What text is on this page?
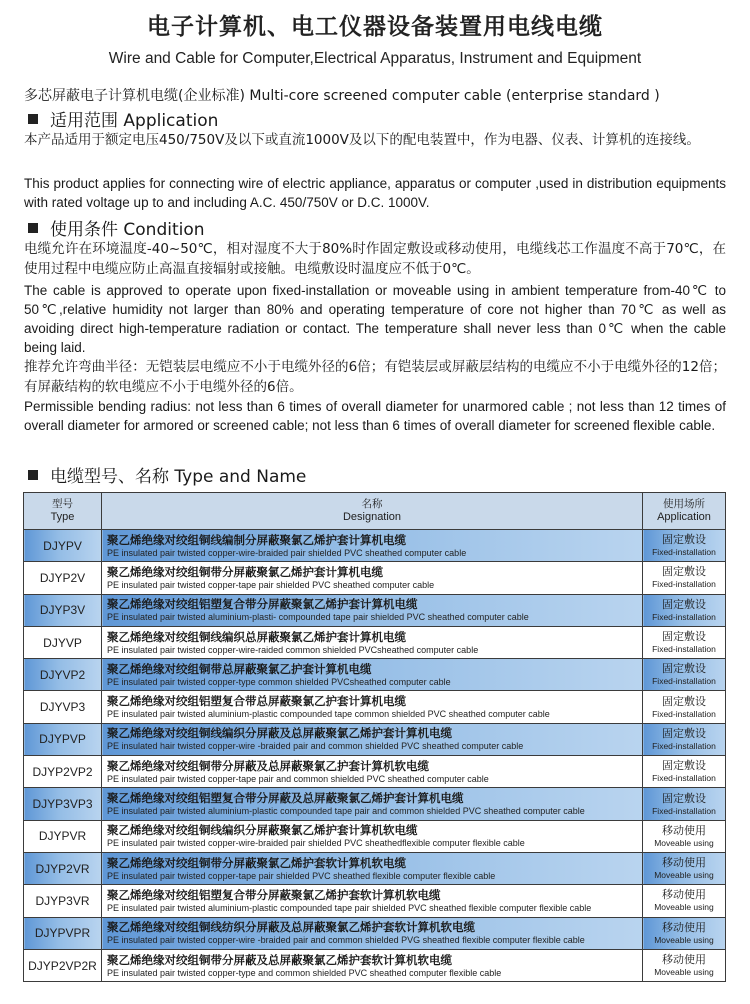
电子计算机、电工仪器设备装置用电线电缆
Wire and Cable for Computer,Electrical Apparatus, Instrument and Equipment
多芯屏蔽电子计算机电缆(企业标准) Multi-core screened computer cable (enterprise standard )
适用范围 Application
本产品适用于额定电压450/750V及以下或直流1000V及以下的配电装置中，作为电器、仪表、计算机的连接线。
This product applies for connecting wire of electric appliance, apparatus or computer ,used in distribution equipments with rated voltage up to and including A.C. 450/750V or D.C. 1000V.
使用条件 Condition
电缆允许在环境温度-40~50℃，相对湿度不大于80%时作固定敷设或移动使用，电缆线芯工作温度不高于70℃，在使用过程中电缆应防止高温直接辐射或接触。电缆敷设时温度应不低于0℃。
The cable is approved to operate upon fixed-installation or moveable using in ambient temperature from-40℃ to 50℃,relative humidity not larger than 80% and operating temperature of core not higher than 70℃ as well as avoiding direct high-temperature radiation or contact. The temperature shall never less than 0℃ when the cable being laid.
推荐允许弯曲半径：无铠装层电缆应不小于电缆外径的6倍；有铠装层或屏蔽层结构的电缆应不小于电缆外径的12倍；有屏蔽结构的软电缆应不小于电缆外径的6倍。
Permissible bending radius: not less than 6 times of overall diameter for unarmored cable ; not less than 12 times of overall diameter for armored or screened cable; not less than 6 times of overall diameter for screened flexible cable.
电缆型号、名称 Type and Name
型号
Type	名称
Designation	使用场所
Application

DJYPV	聚乙烯绝缘对绞组铜线编制分屏蔽聚氯乙烯护套计算机电缆
PE insulated pair twisted copper-wire-braided pair shielded PVC sheathed computer cable	固定敷设
Fixed-installation

DJYP2V	聚乙烯绝缘对绞组铜带分屏蔽聚氯乙烯护套计算机电缆
PE insulated pair twisted copper-tape pair shielded PVC sheathed computer cable	固定敷设
Fixed-installation

DJYP3V	聚乙烯绝缘对绞组铝塑复合带分屏蔽聚氯乙烯护套计算机电缆
PE insulated pair twisted aluminium-plasti- compounded tape pair shielded PVC sheathed computer cable	固定敷设
Fixed-installation

DJYVP	聚乙烯绝缘对绞组铜线编织总屏蔽聚氯乙烯护套计算机电缆
PE insulated pair twisted copper-wire-raided common shielded PVCsheathed computer cable	固定敷设
Fixed-installation

DJYVP2	聚乙烯绝缘对绞组铜带总屏蔽聚氯乙护套计算机电缆
PE insulated pair twisted copper-type common shielded PVCsheathed computer cable	固定敷设
Fixed-installation

DJYVP3	聚乙烯绝缘对绞组铝塑复合带总屏蔽聚氯乙护套计算机电缆
PE insulated pair twisted aluminium-plastic compounded tape common shielded PVC sheathed computer cable	固定敷设
Fixed-installation

DJYPVP	聚乙烯绝缘对绞组铜线编织分屏蔽及总屏蔽聚氯乙烯护套计算机电缆
PE insulated hair twisted copper-wire -braided pair and common shielded PVC sheathed computer cable	固定敷设
Fixed-installation

DJYP2VP2	聚乙烯绝缘对绞组铜带分屏蔽及总屏蔽聚氯乙护套计算机软电缆
PE insulated pair twisted copper-tape pair and common shielded PVC sheathed computer cable	固定敷设
Fixed-installation

DJYP3VP3	聚乙烯绝缘对绞组铝塑复合带分屏蔽及总屏蔽聚氯乙烯护套计算机电缆
PE insulated pair twisted aluminium-plastic compounded tape pair and common shielded PVC sheathed computer cable	固定敷设
Fixed-installation

DJYPVR	聚乙烯绝缘对绞组铜线编织分屏蔽聚氯乙烯护套计算机软电缆
PE insulated pair twisted copper-wire-braided pair shielded PVC sheathedflexible computer flexible cable	移动使用
Moveable using

DJYP2VR	聚乙烯绝缘对绞组铜带分屏蔽聚氯乙烯护套软计算机软电缆
PE insulated pair twisted copper-tape pair shielded PVC sheathed flexible computer flexible cable	移动使用
Moveable using

DJYP3VR	聚乙烯绝缘对绞组铝塑复合带分屏蔽聚氯乙烯护套软计算机软电缆
PE insulated pair twisted aluminium-plastic compounded tape pair shielded PVC sheathed flexible computer flexible cable	移动使用
Moveable using

DJYPVPR	聚乙烯绝缘对绞组铜线纺织分屏蔽及总屏蔽聚氯乙烯护套软计算机软电缆
PE insulated pair twisted copper-wire -braided pair and common shielded PVG sheathed flexible computer flexible cable	移动使用
Moveable using

DJYP2VP2R	聚乙烯绝缘对绞组铜带分屏蔽及总屏蔽聚氯乙烯护套软计算机软电缆
PE insulated pair twisted copper-type and common shielded PVC sheathed computer flexible cable	移动使用
Moveable using
